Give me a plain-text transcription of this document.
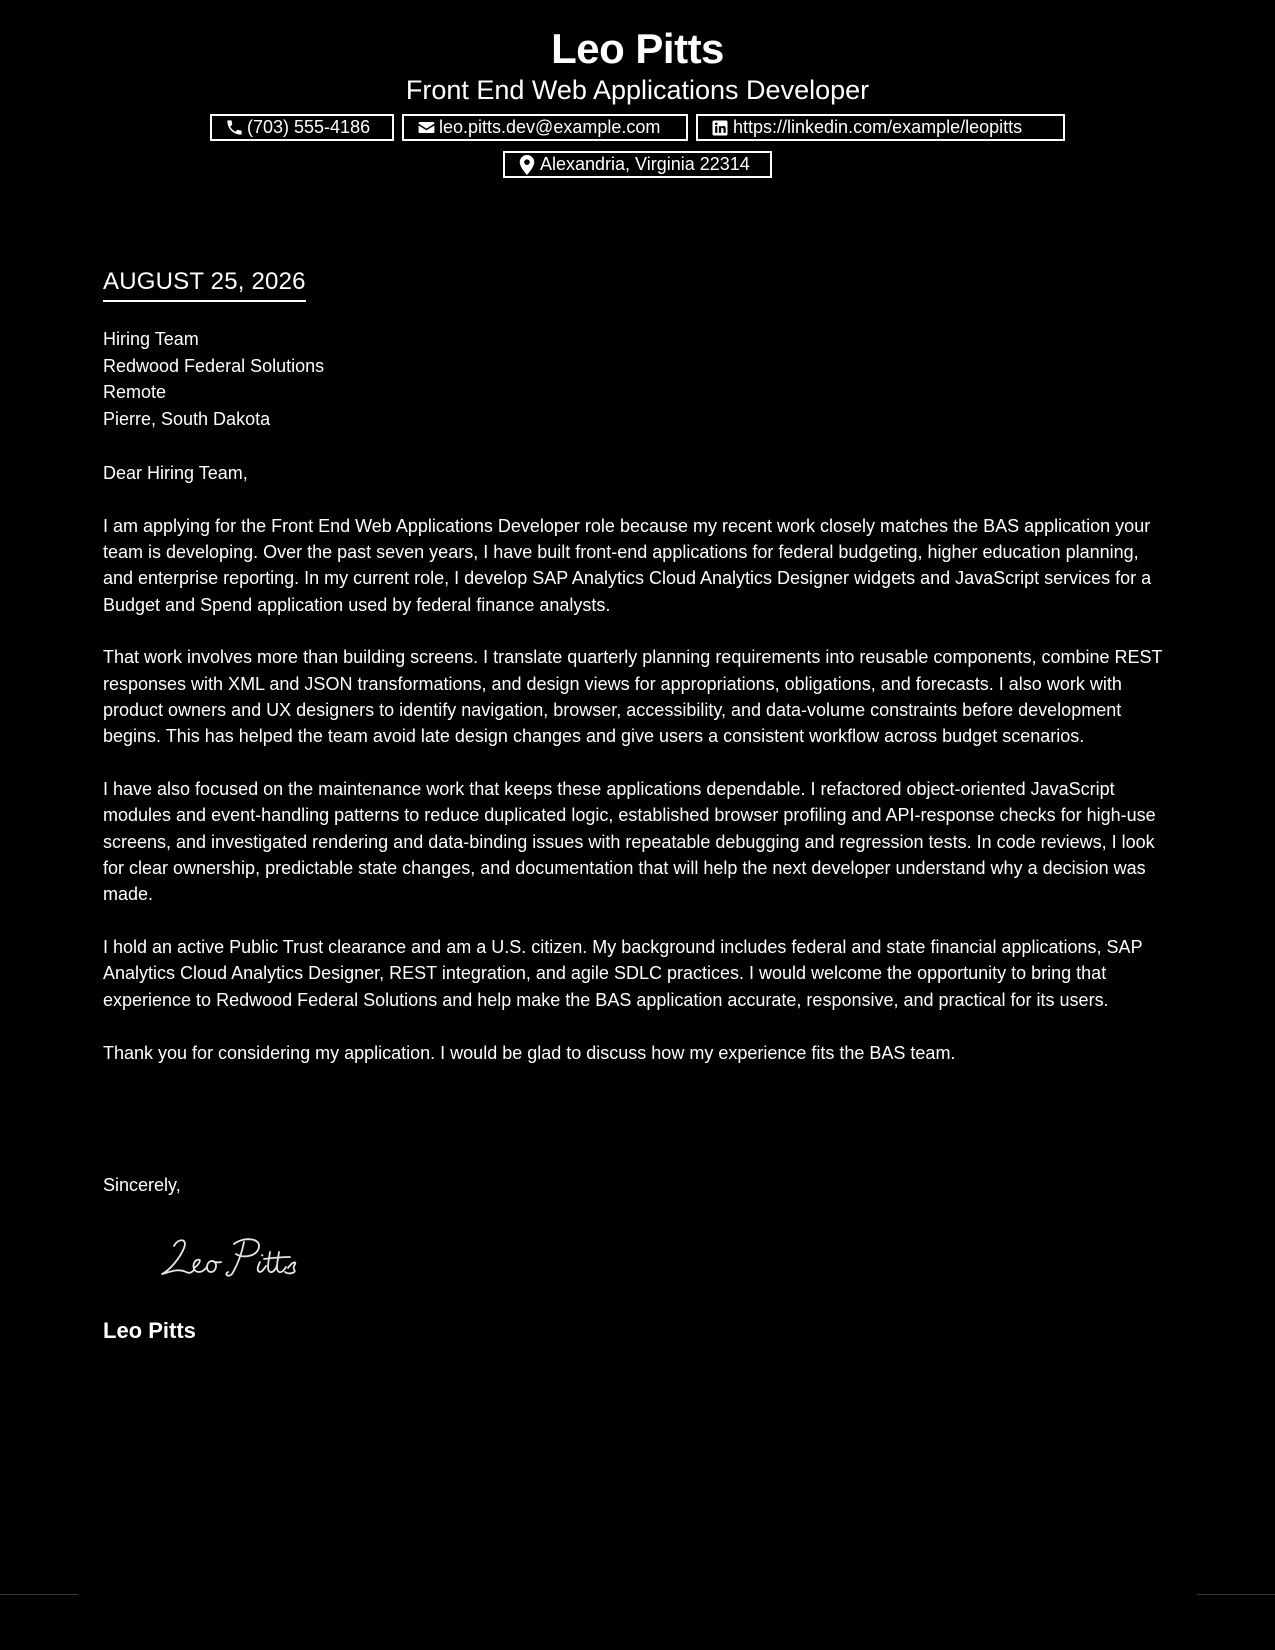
Leo Pitts
Front End Web Applications Developer
(703) 555-4186	leo.pitts.dev@example.com	https://linkedin.com/example/leopitts
Alexandria, Virginia 22314
AUGUST 25, 2026
Hiring Team
Redwood Federal Solutions
Remote
Pierre, South Dakota

Dear Hiring Team,

I am applying for the Front End Web Applications Developer role because my recent work closely matches the BAS application your team is developing. Over the past seven years, I have built front-end applications for federal budgeting, higher education planning, and enterprise reporting. In my current role, I develop SAP Analytics Cloud Analytics Designer widgets and JavaScript services for a Budget and Spend application used by federal finance analysts.

That work involves more than building screens. I translate quarterly planning requirements into reusable components, combine REST responses with XML and JSON transformations, and design views for appropriations, obligations, and forecasts. I also work with product owners and UX designers to identify navigation, browser, accessibility, and data-volume constraints before development begins. This has helped the team avoid late design changes and give users a consistent workflow across budget scenarios.

I have also focused on the maintenance work that keeps these applications dependable. I refactored object-oriented JavaScript modules and event-handling patterns to reduce duplicated logic, established browser profiling and API-response checks for high-use screens, and investigated rendering and data-binding issues with repeatable debugging and regression tests. In code reviews, I look for clear ownership, predictable state changes, and documentation that will help the next developer understand why a decision was made.

I hold an active Public Trust clearance and am a U.S. citizen. My background includes federal and state financial applications, SAP Analytics Cloud Analytics Designer, REST integration, and agile SDLC practices. I would welcome the opportunity to bring that experience to Redwood Federal Solutions and help make the BAS application accurate, responsive, and practical for its users.

Thank you for considering my application. I would be glad to discuss how my experience fits the BAS team.

Sincerely,
Leo Pitts
